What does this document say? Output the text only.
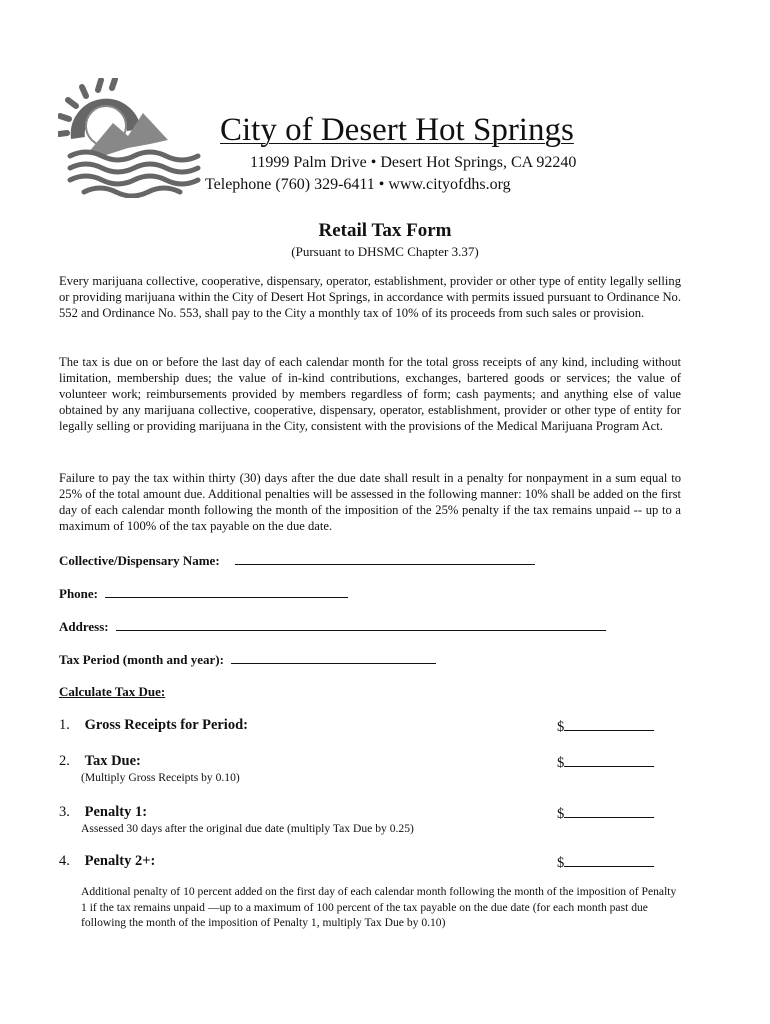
City of Desert Hot Springs
11999 Palm Drive • Desert Hot Springs, CA 92240
Telephone (760) 329-6411 • www.cityofdhs.org
Retail Tax Form
(Pursuant to DHSMC Chapter 3.37)

Every marijuana collective, cooperative, dispensary, operator, establishment, provider or other type of entity legally selling or providing marijuana within the City of Desert Hot Springs, in accordance with permits issued pursuant to Ordinance No. 552 and Ordinance No. 553, shall pay to the City a monthly tax of 10% of its proceeds from such sales or provision.

The tax is due on or before the last day of each calendar month for the total gross receipts of any kind, including without limitation, membership dues; the value of in-kind contributions, exchanges, bartered goods or services; the value of volunteer work; reimbursements provided by members regardless of form; cash payments; and anything else of value obtained by any marijuana collective, cooperative, dispensary, operator, establishment, provider or other type of entity for legally selling or providing marijuana in the City, consistent with the provisions of the Medical Marijuana Program Act.

Failure to pay the tax within thirty (30) days after the due date shall result in a penalty for nonpayment in a sum equal to 25% of the total amount due. Additional penalties will be assessed in the following manner: 10% shall be added on the first day of each calendar month following the month of the imposition of the 25% penalty if the tax remains unpaid -- up to a maximum of 100% of the tax payable on the due date.

Collective/Dispensary Name:
Phone:
Address:
Tax Period (month and year):
Calculate Tax Due:
1. Gross Receipts for Period:	$
2. Tax Due:	$
(Multiply Gross Receipts by 0.10)
3. Penalty 1:	$
Assessed 30 days after the original due date (multiply Tax Due by 0.25)
4. Penalty 2+:	$

Additional penalty of 10 percent added on the first day of each calendar month following the month of the imposition of Penalty 1 if the tax remains unpaid —up to a maximum of 100 percent of the tax payable on the due date (for each month past due following the month of the imposition of Penalty 1, multiply Tax Due by 0.10)
